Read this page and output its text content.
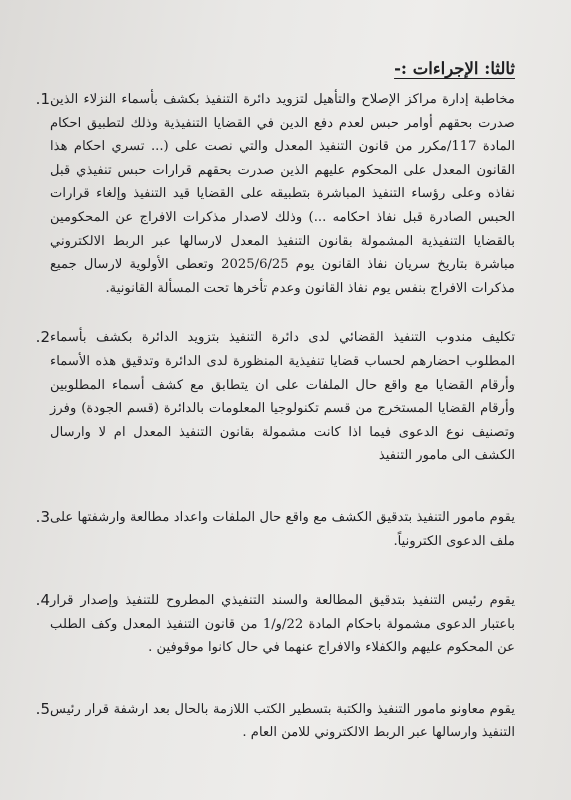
ثالثا: الإجراءات :-
مخاطبة إدارة مراكز الإصلاح والتأهيل لتزويد دائرة التنفيذ بكشف بأسماء النزلاء الذين صدرت بحقهم أوامر حبس لعدم دفع الدين في القضايا التنفيذية وذلك لتطبيق احكام المادة 117/مكرر من قانون التنفيذ المعدل والتي نصت على (... تسري احكام هذا القانون المعدل على المحكوم عليهم الذين صدرت بحقهم قرارات حبس تنفيذي قبل نفاذه وعلى رؤساء التنفيذ المباشرة بتطبيقه على القضايا قيد التنفيذ وإلغاء قرارات الحبس الصادرة قبل نفاذ احكامه ...) وذلك لاصدار مذكرات الافراج عن المحكومين بالقضايا التنفيذية المشمولة بقانون التنفيذ المعدل لارسالها عبر الربط الالكتروني مباشرة بتاريخ سريان نفاذ القانون يوم 2025/6/25 وتعطى الأولوية لارسال جميع مذكرات الافراج بنفس يوم نفاذ القانون وعدم تأخرها تحت المسألة القانونية.
1.
تكليف مندوب التنفيذ القضائي لدى دائرة التنفيذ بتزويد الدائرة بكشف بأسماء المطلوب احضارهم لحساب قضايا تنفيذية المنظورة لدى الدائرة وتدقيق هذه الأسماء وأرقام القضايا مع واقع حال الملفات على ان يتطابق مع كشف أسماء المطلوبين وأرقام القضايا المستخرج من قسم تكنولوجيا المعلومات بالدائرة (قسم الجودة) وفرز وتصنيف نوع الدعوى فيما اذا كانت مشمولة بقانون التنفيذ المعدل ام لا وارسال الكشف الى مامور التنفيذ
2.
يقوم مامور التنفيذ بتدقيق الكشف مع واقع حال الملفات واعداد مطالعة وارشفتها على ملف الدعوى الكترونياً.
3.
يقوم رئيس التنفيذ بتدقيق المطالعة والسند التنفيذي المطروح للتنفيذ وإصدار قرار باعتبار الدعوى مشمولة باحكام المادة 22/و/1 من قانون التنفيذ المعدل وكف الطلب عن المحكوم عليهم والكفلاء والافراج عنهما في حال كانوا موقوفين .
4.
يقوم معاونو مامور التنفيذ والكتبة بتسطير الكتب اللازمة بالحال بعد ارشفة قرار رئيس التنفيذ وارسالها عبر الربط الالكتروني للامن العام .
5.
